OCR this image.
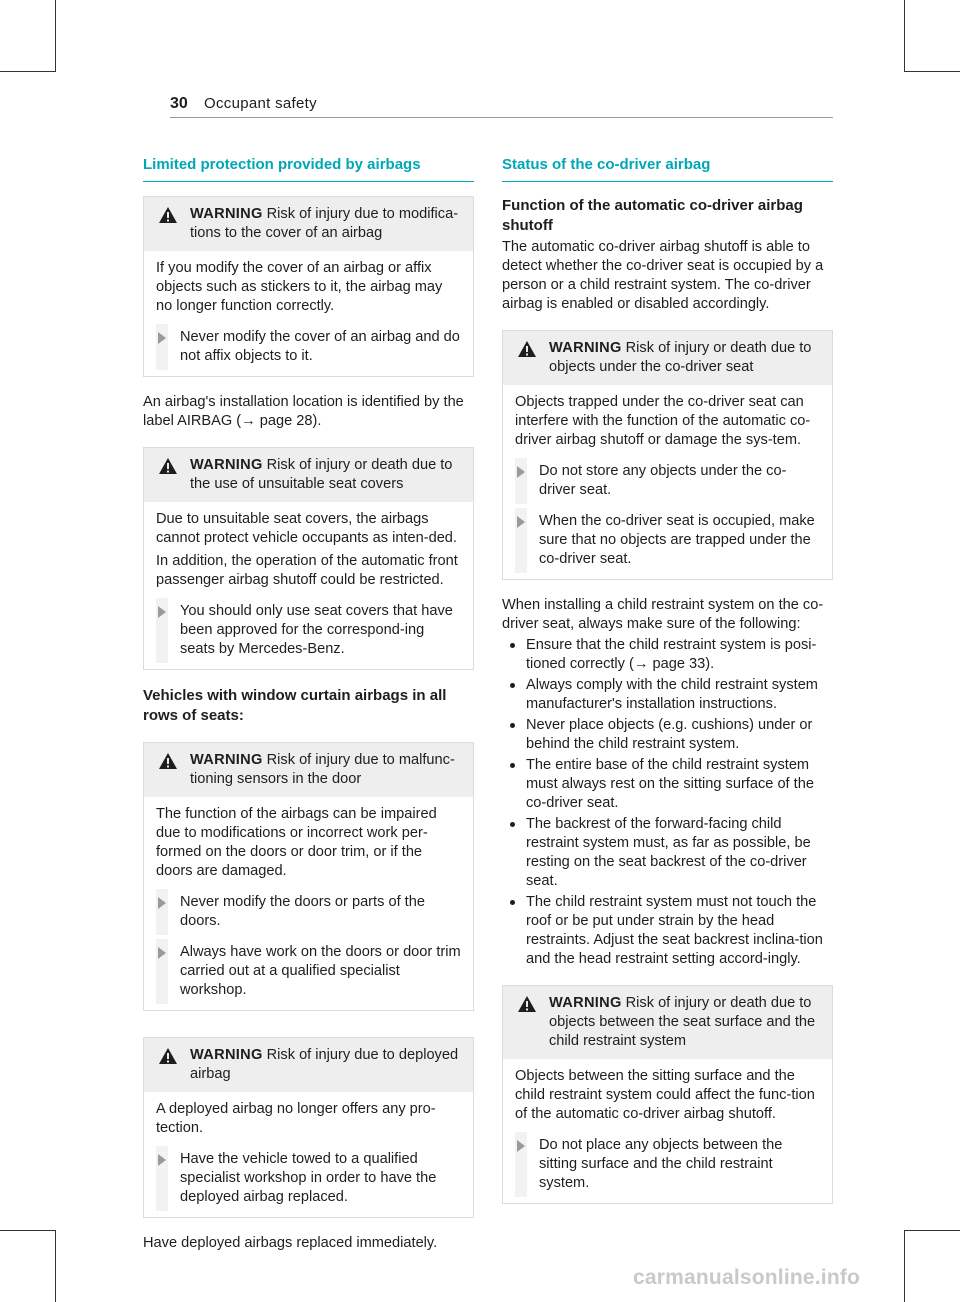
30 Occupant safety
Limited protection provided by airbags
WARNING Risk of injury due to modifica-tions to the cover of an airbag

If you modify the cover of an airbag or affix objects such as stickers to it, the airbag may no longer function correctly.

Never modify the cover of an airbag and do not affix objects to it.

An airbag's installation location is identified by the label AIRBAG (→ page 28).

WARNING Risk of injury or death due to the use of unsuitable seat covers

Due to unsuitable seat covers, the airbags cannot protect vehicle occupants as inten-ded.

In addition, the operation of the automatic front passenger airbag shutoff could be restricted.

You should only use seat covers that have been approved for the correspond-ing seats by Mercedes-Benz.
Vehicles with window curtain airbags in all rows of seats:
WARNING Risk of injury due to malfunc-tioning sensors in the door

The function of the airbags can be impaired due to modifications or incorrect work per-formed on the doors or door trim, or if the doors are damaged.

Never modify the doors or parts of the doors.
Always have work on the doors or door trim carried out at a qualified specialist workshop.
WARNING Risk of injury due to deployed airbag

A deployed airbag no longer offers any pro-tection.

Have the vehicle towed to a qualified specialist workshop in order to have the deployed airbag replaced.

Have deployed airbags replaced immediately.

Status of the co-driver airbag
Function of the automatic co-driver airbag shutoff

The automatic co-driver airbag shutoff is able to detect whether the co-driver seat is occupied by a person or a child restraint system. The co-driver airbag is enabled or disabled accordingly.

WARNING Risk of injury or death due to objects under the co-driver seat

Objects trapped under the co-driver seat can interfere with the function of the automatic co-driver airbag shutoff or damage the sys-tem.

Do not store any objects under the co-driver seat.
When the co-driver seat is occupied, make sure that no objects are trapped under the co-driver seat.

When installing a child restraint system on the co-driver seat, always make sure of the following:

Ensure that the child restraint system is posi-tioned correctly (→ page 33).
Always comply with the child restraint system manufacturer's installation instructions.
Never place objects (e.g. cushions) under or behind the child restraint system.
The entire base of the child restraint system must always rest on the sitting surface of the co-driver seat.
The backrest of the forward-facing child restraint system must, as far as possible, be resting on the seat backrest of the co-driver seat.
The child restraint system must not touch the roof or be put under strain by the head restraints. Adjust the seat backrest inclina-tion and the head restraint setting accord-ingly.
WARNING Risk of injury or death due to objects between the seat surface and the child restraint system

Objects between the sitting surface and the child restraint system could affect the func-tion of the automatic co-driver airbag shutoff.

Do not place any objects between the sitting surface and the child restraint system.
carmanualsonline.info
